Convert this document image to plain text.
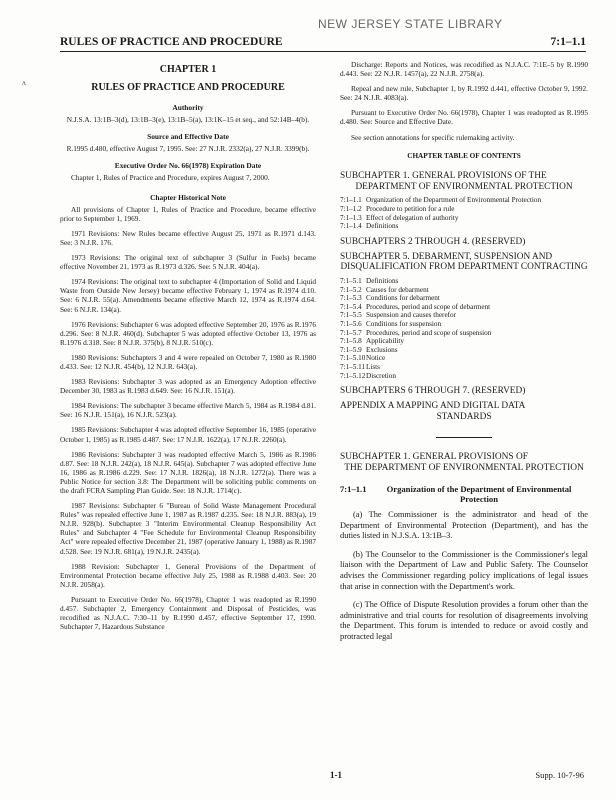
NEW JERSEY STATE LIBRARY
RULES OF PRACTICE AND PROCEDURE	7:1–1.1
ʌ
CHAPTER 1
RULES OF PRACTICE AND PROCEDURE
Authority

N.J.S.A. 13:1B–3(d), 13:1B–3(e), 13:1B–5(a), 13:1K–15 et seq., and 52:14B–4(b).

Source and Effective Date

R.1995 d.480, effective August 7, 1995. See: 27 N.J.R. 2332(a), 27 N.J.R. 3399(b).

Executive Order No. 66(1978) Expiration Date

Chapter 1, Rules of Practice and Procedure, expires August 7, 2000.

Chapter Historical Note

All provisions of Chapter 1, Rules of Practice and Procedure, became effective prior to September 1, 1969.

1971 Revisions: New Rules became effective August 25, 1971 as R.1971 d.143. See: 3 N.J.R. 176.

1973 Revisions: The original text of subchapter 3 (Sulfur in Fuels) became effective November 21, 1973 as R.1973 d.326. See: 5 N.J.R. 404(a).

1974 Revisions: The original text to subchapter 4 (Importation of Solid and Liquid Waste from Outside New Jersey) became effective February 1, 1974 as R.1974 d.10. See: 6 N.J.R. 55(a). Amendments became effective March 12, 1974 as R.1974 d.64. See: 6 N.J.R. 134(a).

1976 Revisions: Subchapter 6 was adopted effective September 20, 1976 as R.1976 d.296. See: 8 N.J.R. 460(d). Subchapter 5 was adopted effective October 13, 1976 as R.1976 d.318. See: 8 N.J.R. 375(b), 8 N.J.R. 510(c).

1980 Revisions: Subchapters 3 and 4 were repealed on October 7, 1980 as R.1980 d.433. See: 12 N.J.R. 454(b), 12 N.J.R. 643(a).

1983 Revisions: Subchapter 3 was adopted as an Emergency Adoption effective December 30, 1983 as R.1983 d.649. See: 16 N.J.R. 151(a).

1984 Revisions: The subchapter 3 became effective March 5, 1984 as R.1984 d.81. See: 16 N.J.R. 151(a), 16 N.J.R. 523(a).

1985 Revisions: Subchapter 4 was adopted effective September 16, 1985 (operative October 1, 1985) as R.1985 d.487. See: 17 N.J.R. 1622(a), 17 N.J.R. 2260(a).

1986 Revisions: Subchapter 3 was readopted effective March 5, 1986 as R.1986 d.87. See: 18 N.J.R. 242(a), 18 N.J.R. 645(a). Subchapter 7 was adopted effective June 16, 1986 as R.1986 d.229. See: 17 N.J.R. 1826(a), 18 N.J.R. 1272(a). There was a Public Notice for section 3.8: The Department will be soliciting public comments on the draft FCRA Sampling Plan Guide. See: 18 N.J.R. 1714(c).

1987 Revisions: Subchapter 6 "Bureau of Solid Waste Management Procedural Rules" was repealed effective June 1, 1987 as R.1987 d.235. See: 18 N.J.R. 883(a), 19 N.J.R. 928(b). Subchapter 3 "Interim Environmental Cleanup Responsibility Act Rules" and Subchapter 4 "Fee Schedule for Environmental Cleanup Responsibility Act" were repealed effective December 21, 1987 (operative January 1, 1988) as R.1987 d.528. See: 19 N.J.R. 681(a), 19 N.J.R. 2435(a).

1988 Revision: Subchapter 1, General Provisions of the Department of Environmental Protection became effective July 25, 1988 as R.1988 d.403. See: 20 N.J.R. 2058(a).

Pursuant to Executive Order No. 66(1978), Chapter 1 was readopted as R.1990 d.457. Subchapter 2, Emergency Containment and Disposal of Pesticides, was recodified as N.J.A.C. 7:30–11 by R.1990 d.457, effective September 17, 1990. Subchapter 7, Hazardous Substance

Discharge: Reports and Notices, was recodified as N.J.A.C. 7:1E–5 by R.1990 d.443. See: 22 N.J.R. 1457(a), 22 N.J.R. 2758(a).

Repeal and new rule, Subchapter 1, by R.1992 d.441, effective October 9, 1992. See: 24 N.J.R. 4083(a).

Pursuant to Executive Order No. 66(1978), Chapter 1 was readopted as R.1995 d.480. See: Source and Effective Date.

See section annotations for specific rulemaking activity.

CHAPTER TABLE OF CONTENTS
SUBCHAPTER 1. GENERAL PROVISIONS OF THE
DEPARTMENT OF ENVIRONMENTAL PROTECTION
7:1–1.1 Organization of the Department of Environmental Protection
7:1–1.2 Procedure to petition for a rule
7:1–1.3 Effect of delegation of authority
7:1–1.4 Definitions
SUBCHAPTERS 2 THROUGH 4. (RESERVED)
SUBCHAPTER 5. DEBARMENT, SUSPENSION AND
DISQUALIFICATION FROM DEPARTMENT CONTRACTING
7:1–5.1 Definitions
7:1–5.2 Causes for debarment
7:1–5.3 Conditions for debarment
7:1–5.4 Procedures, period and scope of debarment
7:1–5.5 Suspension and causes therefor
7:1–5.6 Conditions for suspension
7:1–5.7 Procedures, period and scope of suspension
7:1–5.8 Applicability
7:1–5.9 Exclusions
7:1–5.10 Notice
7:1–5.11 Lists
7:1–5.12 Discretion
SUBCHAPTERS 6 THROUGH 7. (RESERVED)
APPENDIX A MAPPING AND DIGITAL DATA
STANDARDS
SUBCHAPTER 1. GENERAL PROVISIONS OF
THE DEPARTMENT OF ENVIRONMENTAL PROTECTION
7:1–1.1	Organization of the Department of Environmental Protection

(a) The Commissioner is the administrator and head of the Department of Environmental Protection (Department), and has the duties listed in N.J.S.A. 13:1B–3.

(b) The Counselor to the Commissioner is the Commissioner's legal liaison with the Department of Law and Public Safety. The Counselor advises the Commissioner regarding policy implications of legal issues that arise in connection with the Department's work.

(c) The Office of Dispute Resolution provides a forum other than the administrative and trial courts for resolution of disagreements involving the Department. This forum is intended to reduce or avoid costly and protracted legal

1-1	Supp. 10-7-96
